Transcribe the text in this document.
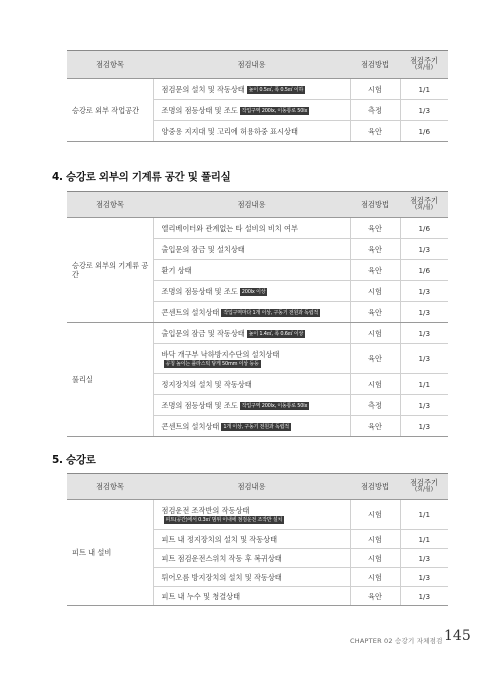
점검항목	점검내용	점검방법	점검주기
(회/월)

승강로 외부 작업공간	점검문의 설치 및 작동상태 높이 0.5㎡, 폭 0.5㎡ 이하	시험	1/1
	조명의 점등상태 및 조도 작업구역 200lx, 이동통로 50lx	측정	1/3
	양중용 지지대 및 고리에 허용하중 표시상태	육안	1/6
4. 승강로 외부의 기계류 공간 및 풀리실
점검항목	점검내용	점검방법	점검주기
(회/월)

승강로 외부의 기계류 공간	엘리베이터와 관계없는 타 설비의 비치 여부	육안	1/6
	출입문의 잠금 및 설치상태	육안	1/3
	환기 상태	육안	1/6
	조명의 점등상태 및 조도 200lx 이상	시험	1/3
	콘센트의 설치상태 작업구역마다 1개 이상, 구동기 전원과 독립적	육안	1/3
풀리실	출입문의 잠금 및 작동상태 높이 1.4㎡, 폭 0.6㎡ 이상	시험	1/3
	바닥 개구부 낙하방지수단의 설치상태공칭 높이는 플라스틱 닿게 50mm 이상 등등	육안	1/3
	정지장치의 설치 및 작동상태	시험	1/1
	조명의 점등상태 및 조도 작업구역 200lx, 이동통로 50lx	측정	1/3
	콘센트의 설치상태 1개 이상, 구동기 전원과 독립적	육안	1/3
5. 승강로
점검항목	점검내용	점검방법	점검주기
(회/월)

피트 내 설비	점검운전 조작반의 작동상태피트(공간)에서 0.3㎡ 범위 이내에 점검운전 조작반 설치	시험	1/1
	피트 내 정지장치의 설치 및 작동상태	시험	1/1
	피트 점검운전스위치 작동 후 복귀상태	시험	1/3
	튀어오름 방지장치의 설치 및 작동상태	시험	1/3
	피트 내 누수 및 청결상태	육안	1/3
CHAPTER 02 승강기 자체점검 145
